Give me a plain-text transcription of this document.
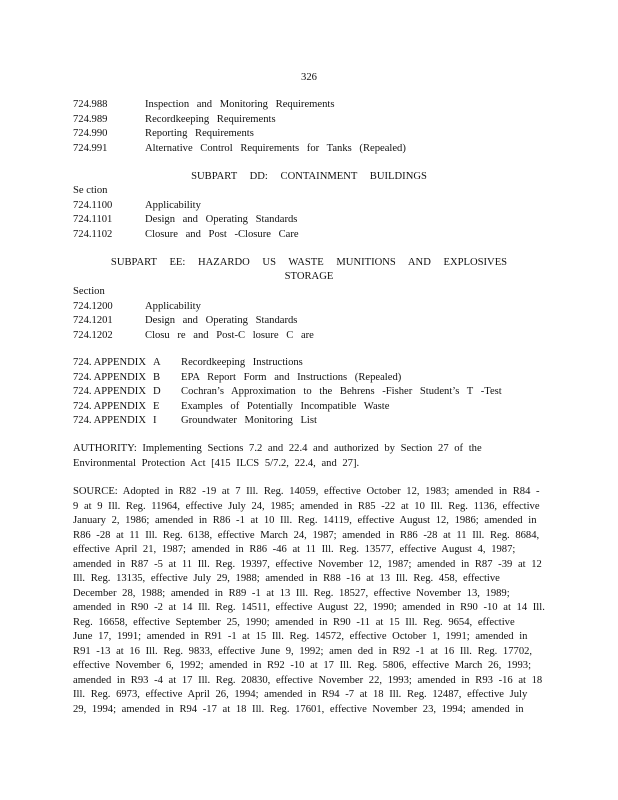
326
724.988	Inspection and Monitoring Requirements
724.989	Recordkeeping Requirements
724.990	Reporting Requirements
724.991	Alternative Control Requirements for Tanks (Repealed)
SUBPART DD: CONTAINMENT BUILDINGS
Se ction
724.1100	Applicability
724.1101	Design and Operating Standards
724.1102	Closure and Post -Closure Care
SUBPART EE: HAZARDO US WASTE MUNITIONS AND EXPLOSIVES
STORAGE
Section
724.1200	Applicability
724.1201	Design and Operating Standards
724.1202	Closu re and Post-C losure C are
724. APPENDIX A	Recordkeeping Instructions
724. APPENDIX B	EPA Report Form and Instructions (Repealed)
724. APPENDIX D	Cochran’s Approximation to the Behrens -Fisher Student’s T -Test
724. APPENDIX E	Examples of Potentially Incompatible Waste
724. APPENDIX I	Groundwater Monitoring List
AUTHORITY: Implementing Sections 7.2 and 22.4 and authorized by Section 27 of the
Environmental Protection Act [415 ILCS 5/7.2, 22.4, and 27].
SOURCE: Adopted in R82 -19 at 7 Ill. Reg. 14059, effective October 12, 1983; amended in R84 -
9 at 9 Ill. Reg. 11964, effective July 24, 1985; amended in R85 -22 at 10 Ill. Reg. 1136, effective
January 2, 1986; amended in R86 -1 at 10 Ill. Reg. 14119, effective August 12, 1986; amended in
R86 -28 at 11 Ill. Reg. 6138, effective March 24, 1987; amended in R86 -28 at 11 Ill. Reg. 8684,
effective April 21, 1987; amended in R86 -46 at 11 Ill. Reg. 13577, effective August 4, 1987;
amended in R87 -5 at 11 Ill. Reg. 19397, effective November 12, 1987; amended in R87 -39 at 12
Ill. Reg. 13135, effective July 29, 1988; amended in R88 -16 at 13 Ill. Reg. 458, effective
December 28, 1988; amended in R89 -1 at 13 Ill. Reg. 18527, effective November 13, 1989;
amended in R90 -2 at 14 Ill. Reg. 14511, effective August 22, 1990; amended in R90 -10 at 14 Ill.
Reg. 16658, effective September 25, 1990; amended in R90 -11 at 15 Ill. Reg. 9654, effective
June 17, 1991; amended in R91 -1 at 15 Ill. Reg. 14572, effective October 1, 1991; amended in
R91 -13 at 16 Ill. Reg. 9833, effective June 9, 1992; amen ded in R92 -1 at 16 Ill. Reg. 17702,
effective November 6, 1992; amended in R92 -10 at 17 Ill. Reg. 5806, effective March 26, 1993;
amended in R93 -4 at 17 Ill. Reg. 20830, effective November 22, 1993; amended in R93 -16 at 18
Ill. Reg. 6973, effective April 26, 1994; amended in R94 -7 at 18 Ill. Reg. 12487, effective July
29, 1994; amended in R94 -17 at 18 Ill. Reg. 17601, effective November 23, 1994; amended in
